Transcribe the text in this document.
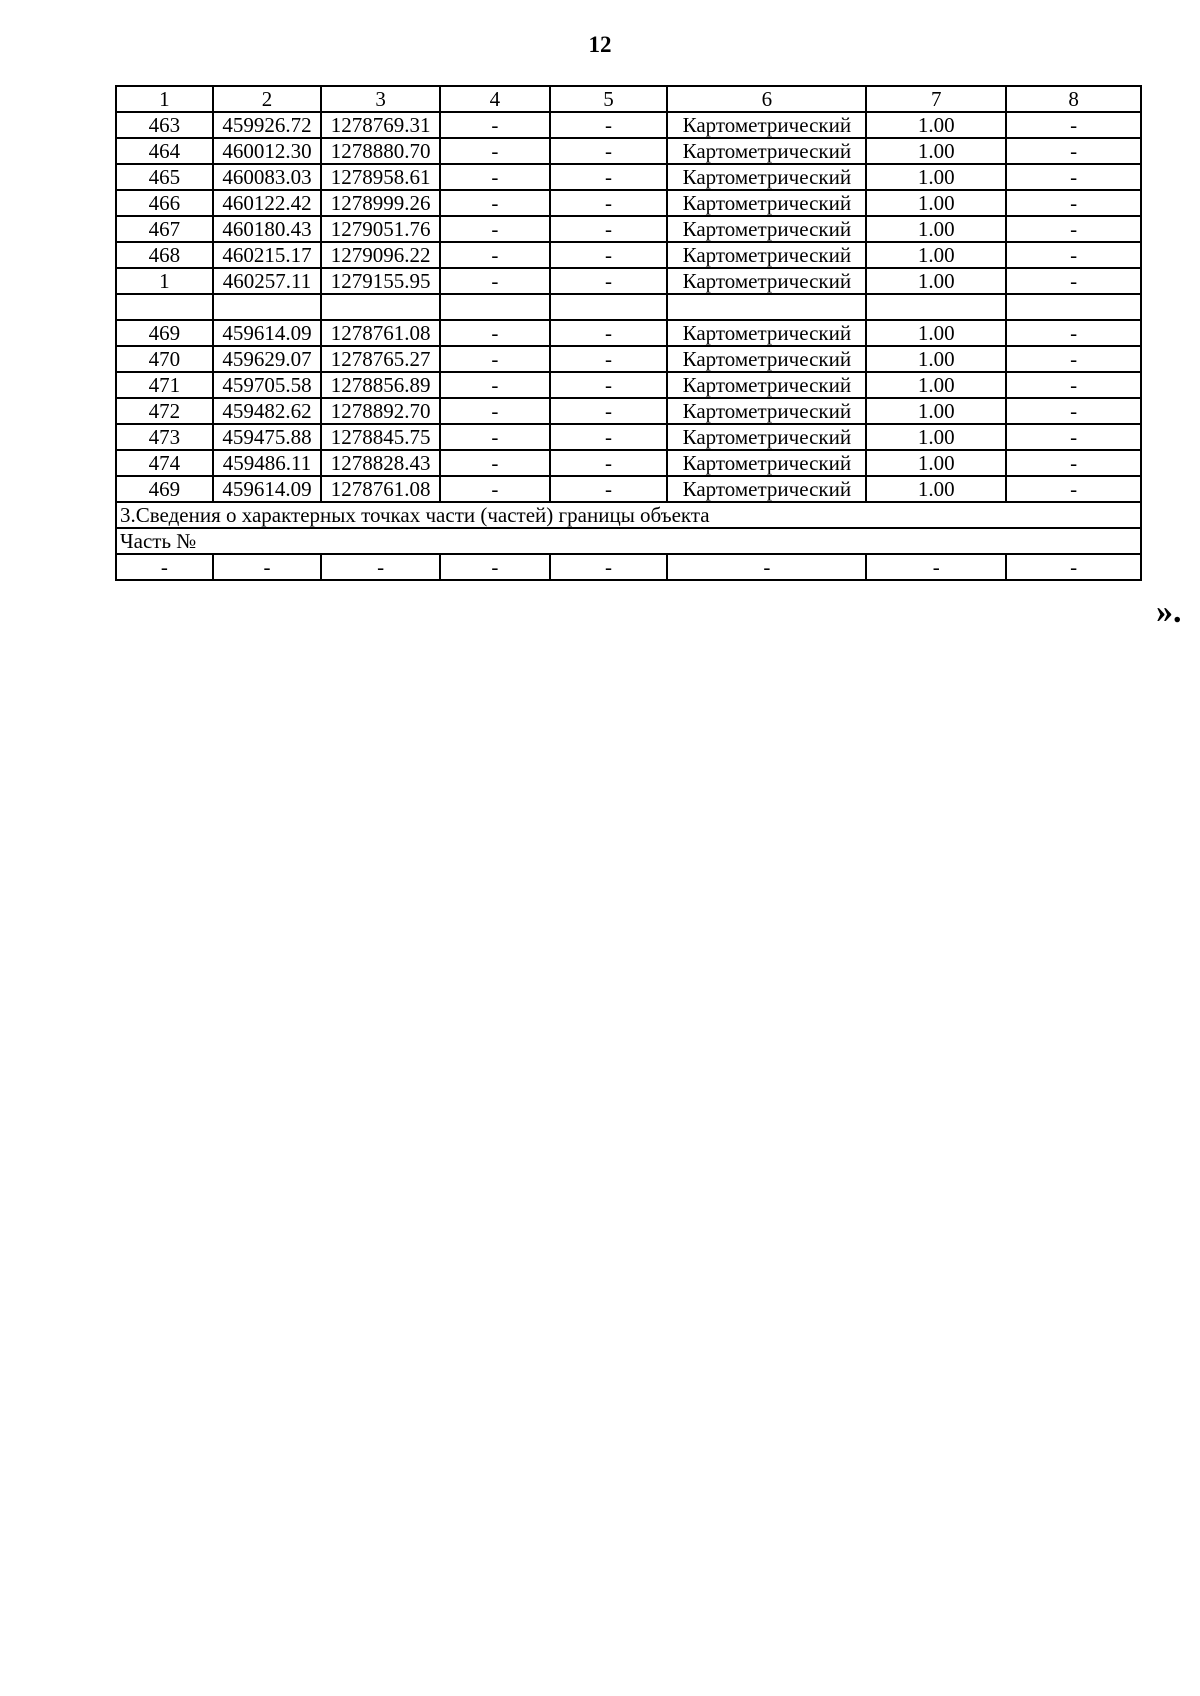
12
1	2	3	4	5	6	7	8
463	459926.72	1278769.31	-	-	Картометрический	1.00	-
464	460012.30	1278880.70	-	-	Картометрический	1.00	-
465	460083.03	1278958.61	-	-	Картометрический	1.00	-
466	460122.42	1278999.26	-	-	Картометрический	1.00	-
467	460180.43	1279051.76	-	-	Картометрический	1.00	-
468	460215.17	1279096.22	-	-	Картометрический	1.00	-
1	460257.11	1279155.95	-	-	Картометрический	1.00	-

469	459614.09	1278761.08	-	-	Картометрический	1.00	-
470	459629.07	1278765.27	-	-	Картометрический	1.00	-
471	459705.58	1278856.89	-	-	Картометрический	1.00	-
472	459482.62	1278892.70	-	-	Картометрический	1.00	-
473	459475.88	1278845.75	-	-	Картометрический	1.00	-
474	459486.11	1278828.43	-	-	Картометрический	1.00	-
469	459614.09	1278761.08	-	-	Картометрический	1.00	-
3.Сведения о характерных точках части (частей) границы объекта							
Часть №							
-	-	-	-	-	-	-	-
».
